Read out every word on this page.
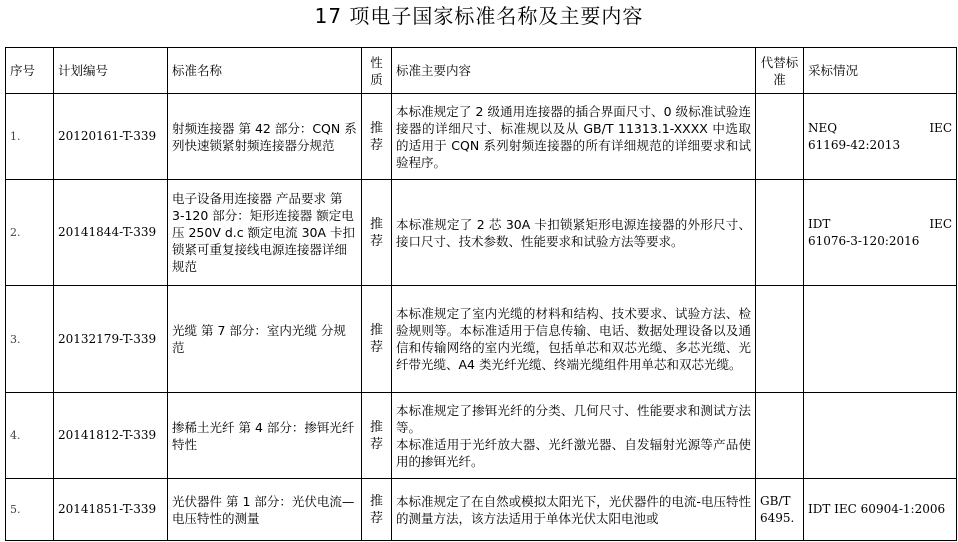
17 项电子国家标准名称及主要内容
序号	计划编号	标准名称	性质	标准主要内容	代替标准	采标情况
1.	20120161-T-339	射频连接器 第 42 部分：CQN 系列快速锁紧射频连接器分规范	推荐	本标准规定了 2 级通用连接器的插合界面尺寸、0 级标准试验连接器的详细尺寸、标准规以及从 GB/T 11313.1-XXXX 中选取的适用于 CQN 系列射频连接器的所有详细规范的详细要求和试验程序。		NEQ IEC
61169-42:2013

2.	20141844-T-339	电子设备用连接器 产品要求 第 3-120 部分：矩形连接器 额定电压 250V d.c 额定电流 30A 卡扣锁紧可重复接线电源连接器详细规范	推荐	本标准规定了 2 芯 30A 卡扣锁紧矩形电源连接器的外形尺寸、接口尺寸、技术参数、性能要求和试验方法等要求。		IDT IEC
61076-3-120:2016

3.	20132179-T-339	光缆 第 7 部分：室内光缆 分规范	推荐	本标准规定了室内光缆的材料和结构、技术要求、试验方法、检验规则等。本标准适用于信息传输、电话、数据处理设备以及通信和传输网络的室内光缆，包括单芯和双芯光缆、多芯光缆、光纤带光缆、A4 类光纤光缆、终端光缆组件用单芯和双芯光缆。		
4.	20141812-T-339	掺稀土光纤 第 4 部分：掺铒光纤特性	推荐	本标准规定了掺铒光纤的分类、几何尺寸、性能要求和测试方法等。
本标准适用于光纤放大器、光纤激光器、自发辐射光源等产品使用的掺铒光纤。		

5.	20141851-T-339	光伏器件 第 1 部分：光伏电流—电压特性的测量	推荐	本标准规定了在自然或模拟太阳光下，光伏器件的电流-电压特性的测量方法，该方法适用于单体光伏太阳电池或	GB/T 6495.	IDT IEC 60904-1:2006
